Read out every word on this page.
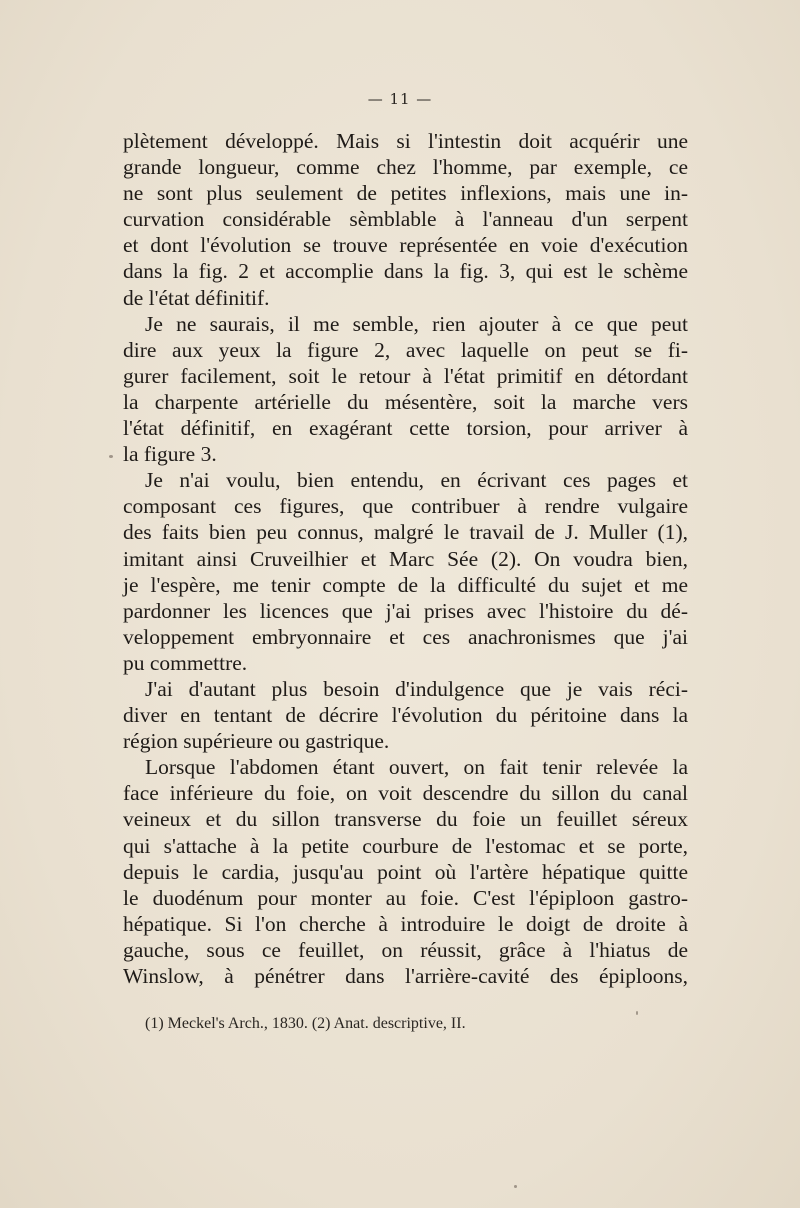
— 11 —
plètement développé. Mais si l'intestin doit acquérir une
grande longueur, comme chez l'homme, par exemple, ce
ne sont plus seulement de petites inflexions, mais une in-
curvation considérable sèmblable à l'anneau d'un serpent
et dont l'évolution se trouve représentée en voie d'exécution
dans la fig. 2 et accomplie dans la fig. 3, qui est le schème
de l'état définitif.
Je ne saurais, il me semble, rien ajouter à ce que peut
dire aux yeux la figure 2, avec laquelle on peut se fi-
gurer facilement, soit le retour à l'état primitif en détordant
la charpente artérielle du mésentère, soit la marche vers
l'état définitif, en exagérant cette torsion, pour arriver à
la figure 3.
Je n'ai voulu, bien entendu, en écrivant ces pages et
composant ces figures, que contribuer à rendre vulgaire
des faits bien peu connus, malgré le travail de J. Muller (1),
imitant ainsi Cruveilhier et Marc Sée (2). On voudra bien,
je l'espère, me tenir compte de la difficulté du sujet et me
pardonner les licences que j'ai prises avec l'histoire du dé-
veloppement embryonnaire et ces anachronismes que j'ai
pu commettre.
J'ai d'autant plus besoin d'indulgence que je vais réci-
diver en tentant de décrire l'évolution du péritoine dans la
région supérieure ou gastrique.
Lorsque l'abdomen étant ouvert, on fait tenir relevée la
face inférieure du foie, on voit descendre du sillon du canal
veineux et du sillon transverse du foie un feuillet séreux
qui s'attache à la petite courbure de l'estomac et se porte,
depuis le cardia, jusqu'au point où l'artère hépatique quitte
le duodénum pour monter au foie. C'est l'épiploon gastro-
hépatique. Si l'on cherche à introduire le doigt de droite à
gauche, sous ce feuillet, on réussit, grâce à l'hiatus de
Winslow, à pénétrer dans l'arrière-cavité des épiploons,
(1) Meckel's Arch., 1830. (2) Anat. descriptive, II.
